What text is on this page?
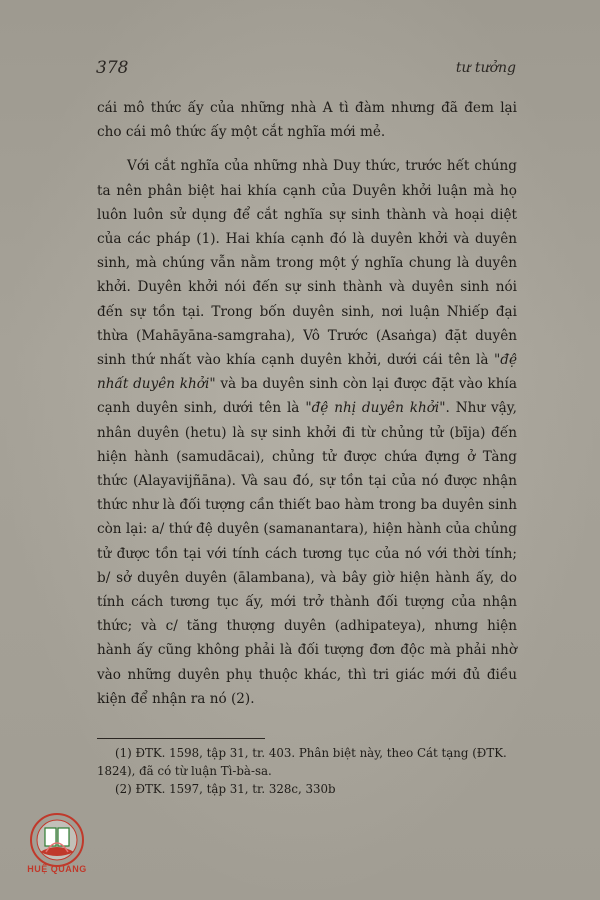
378	tư tưởng

cái mô thức ấy của những nhà A tì đàm nhưng đã đem lại cho cái mô thức ấy một cắt nghĩa mới mẻ.

Với cắt nghĩa của những nhà Duy thức, trước hết chúng ta nên phân biệt hai khía cạnh của Duyên khởi luận mà họ luôn luôn sử dụng để cắt nghĩa sự sinh thành và hoại diệt của các pháp (1). Hai khía cạnh đó là duyên khởi và duyên sinh, mà chúng vẫn nằm trong một ý nghĩa chung là duyên khởi. Duyên khởi nói đến sự sinh thành và duyên sinh nói đến sự tồn tại. Trong bốn duyên sinh, nơi luận Nhiếp đại thừa (Mahāyāna-samgraha), Vô Trước (Asaṅga) đặt duyên sinh thứ nhất vào khía cạnh duyên khởi, dưới cái tên là "đệ nhất duyên khởi" và ba duyên sinh còn lại được đặt vào khía cạnh duyên sinh, dưới tên là "đệ nhị duyên khởi". Như vậy, nhân duyên (hetu) là sự sinh khởi đi từ chủng tử (bīja) đến hiện hành (samudācai), chủng tử được chứa đựng ở Tàng thức (Alayavijñāna). Và sau đó, sự tồn tại của nó được nhận thức như là đối tượng cần thiết bao hàm trong ba duyên sinh còn lại: a/ thứ đệ duyên (samanantara), hiện hành của chủng tử được tồn tại với tính cách tương tục của nó với thời tính; b/ sở duyên duyên (ālambana), và bây giờ hiện hành ấy, do tính cách tương tục ấy, mới trở thành đối tượng của nhận thức; và c/ tăng thượng duyên (adhipateya), nhưng hiện hành ấy cũng không phải là đối tượng đơn độc mà phải nhờ vào những duyên phụ thuộc khác, thì tri giác mới đủ điều kiện để nhận ra nó (2).

(1) ĐTK. 1598, tập 31, tr. 403. Phân biệt này, theo Cát tạng (ĐTK. 1824), đã có từ luận Tì-bà-sa.

(2) ĐTK. 1597, tập 31, tr. 328c, 330b

HUỆ QUANG
